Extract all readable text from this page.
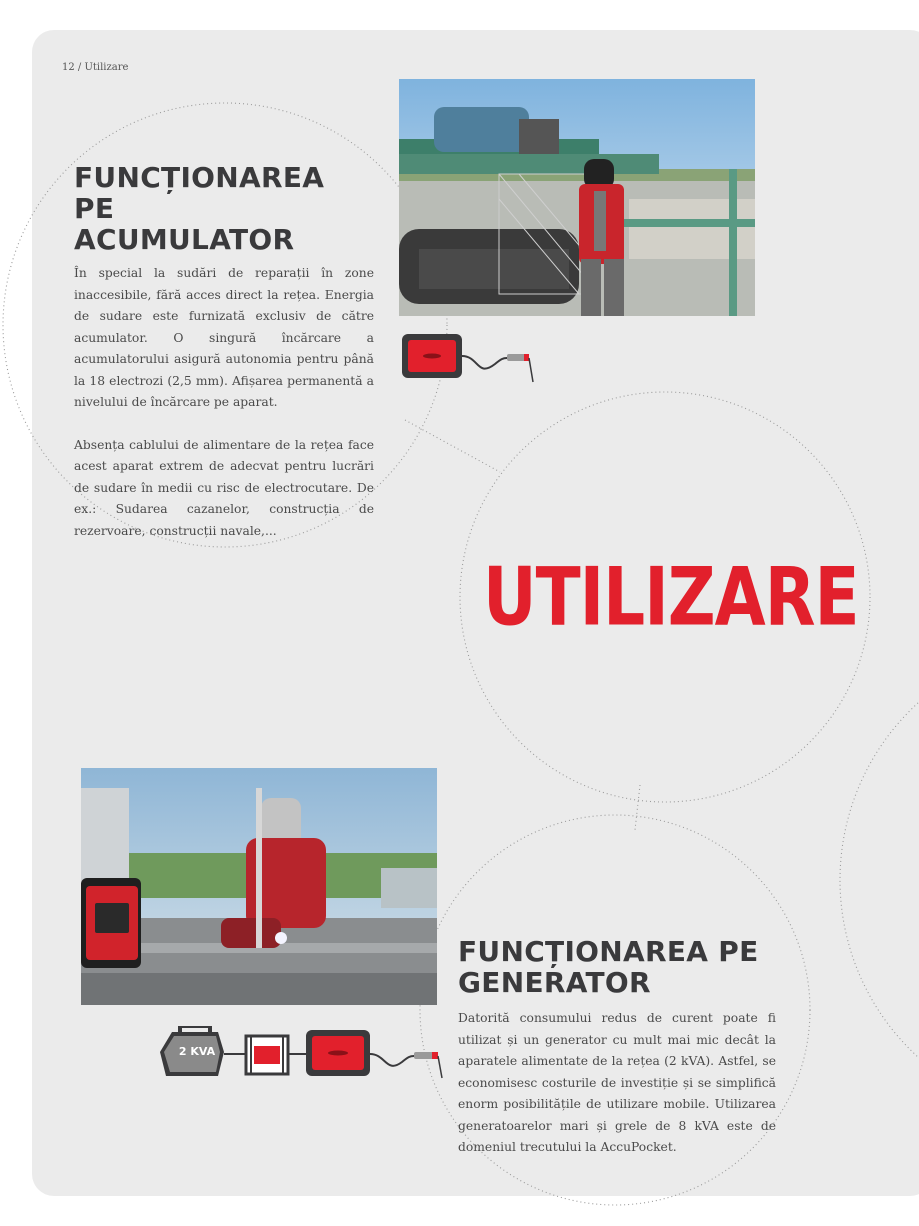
12 / Utilizare
FUNCȚIONAREA PE
ACUMULATOR

În special la sudări de reparații în zone inaccesibile, fără acces direct la rețea. Energia de sudare este furnizată exclusiv de către acumulator. O singură încărcare a acumulatorului asigură autonomia pentru până la 18 electrozi (2,5 mm). Afișarea permanentă a nivelului de încărcare pe aparat.

Absența cablului de alimentare de la rețea face acest aparat extrem de adecvat pentru lucrări de sudare în medii cu risc de electrocutare. De ex.: Sudarea cazanelor, construcția de rezervoare, construcții navale,...

UTILIZARE
2 KVA
FUNCȚIONAREA PE
GENERATOR

Datorită consumului redus de curent poate fi utilizat și un generator cu mult mai mic decât la aparatele alimentate de la rețea (2 kVA). Astfel, se economisesc costurile de investiție și se simplifică enorm posibilitățile de utilizare mobile. Utilizarea generatoarelor mari și grele de 8 kVA este de domeniul trecutului la AccuPocket.
